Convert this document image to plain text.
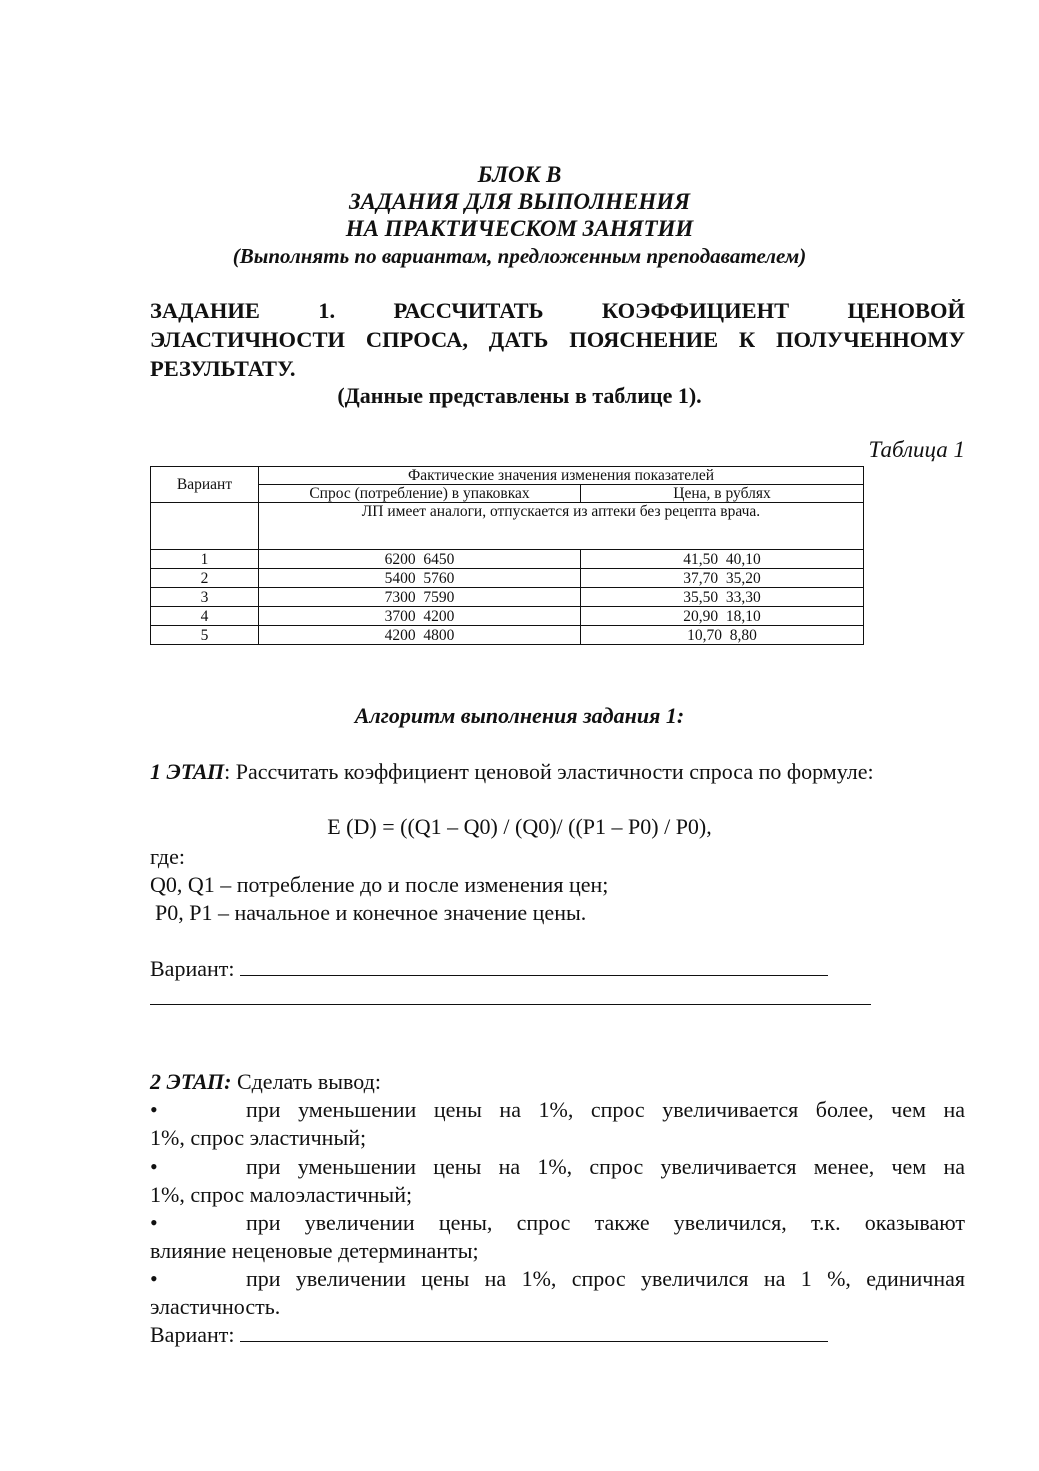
БЛОК В
ЗАДАНИЯ ДЛЯ ВЫПОЛНЕНИЯ
НА ПРАКТИЧЕСКОМ ЗАНЯТИИ
(Выполнять по вариантам, предложенным преподавателем)
ЗАДАНИЕ 1. РАССЧИТАТЬ КОЭФФИЦИЕНТ ЦЕНОВОЙ
ЭЛАСТИЧНОСТИ СПРОСА, ДАТЬ ПОЯСНЕНИЕ К ПОЛУЧЕННОМУ
РЕЗУЛЬТАТУ.
(Данные представлены в таблице 1).
Таблица 1
Вариант	Фактические значения изменения показателей	
	Спрос (потребление) в упаковках	Цена, в рублях

	ЛП имеет аналоги, отпускается из аптеки без рецепта врача.	

1	6200  6450	41,50  40,10
2	5400  5760	37,70  35,20
3	7300  7590	35,50  33,30
4	3700  4200	20,90  18,10
5	4200  4800	10,70  8,80
Алгоритм выполнения задания 1:
1 ЭТАП: Рассчитать коэффициент ценовой эластичности спроса по формуле:
E (D) = ((Q1 – Q0) / (Q0)/ ((P1 – P0) / P0),
где:
Q0, Q1 – потребление до и после изменения цен;
P0, P1 – начальное и конечное значение цены.
Вариант:
2 ЭТАП: Сделать вывод:
•	при уменьшении цены на 1%, спрос увеличивается более, чем на
1%, спрос эластичный;
•	при уменьшении цены на 1%, спрос увеличивается менее, чем на
1%, спрос малоэластичный;
•	при увеличении цены, спрос также увеличился, т.к. оказывают
влияние неценовые детерминанты;
•	при увеличении цены на 1%, спрос увеличился на 1 %, единичная
эластичность.
Вариант:
